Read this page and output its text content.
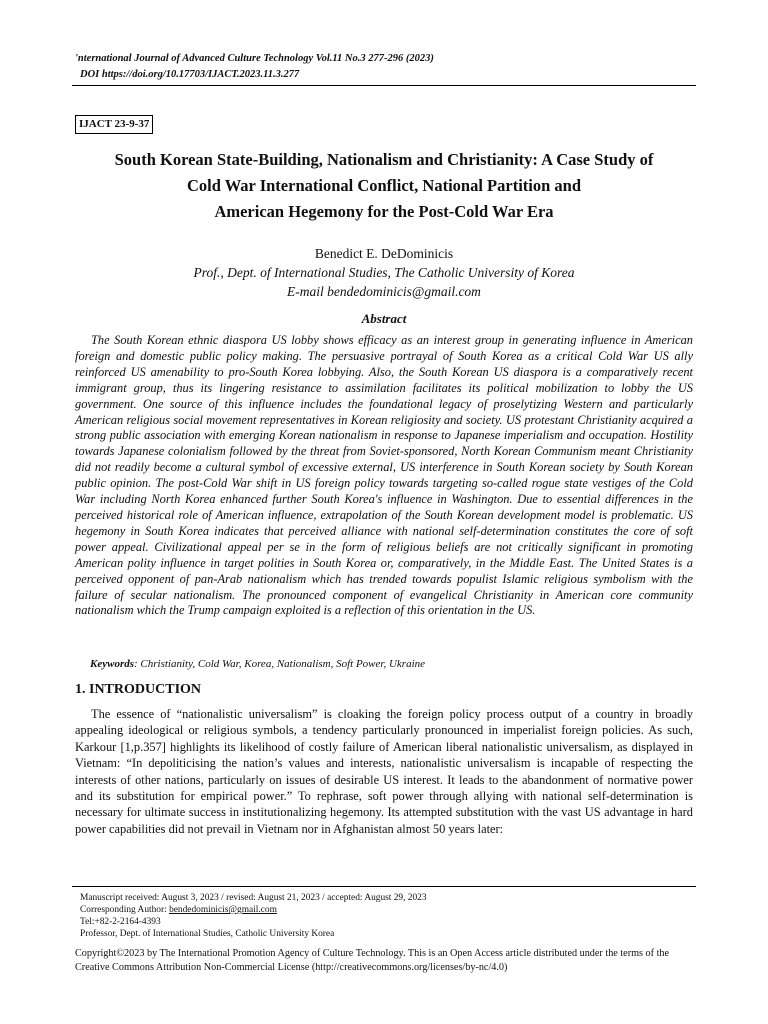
'nternational Journal of Advanced Culture Technology Vol.11 No.3 277-296 (2023)
DOI https://doi.org/10.17703/IJACT.2023.11.3.277
IJACT 23-9-37
South Korean State-Building, Nationalism and Christianity: A Case Study of
Cold War International Conflict, National Partition and
American Hegemony for the Post-Cold War Era
Benedict E. DeDominicis
Prof., Dept. of International Studies, The Catholic University of Korea
E-mail bendedominicis@gmail.com
Abstract
The South Korean ethnic diaspora US lobby shows efficacy as an interest group in generating influence in American foreign and domestic public policy making. The persuasive portrayal of South Korea as a critical Cold War US ally reinforced US amenability to pro-South Korea lobbying. Also, the South Korean US diaspora is a comparatively recent immigrant group, thus its lingering resistance to assimilation facilitates its political mobilization to lobby the US government. One source of this influence includes the foundational legacy of proselytizing Western and particularly American religious social movement representatives in Korean religiosity and society. US protestant Christianity acquired a strong public association with emerging Korean nationalism in response to Japanese imperialism and occupation. Hostility towards Japanese colonialism followed by the threat from Soviet-sponsored, North Korean Communism meant Christianity did not readily become a cultural symbol of excessive external, US interference in South Korean society by South Korean public opinion. The post-Cold War shift in US foreign policy towards targeting so-called rogue state vestiges of the Cold War including North Korea enhanced further South Korea's influence in Washington. Due to essential differences in the perceived historical role of American influence, extrapolation of the South Korean development model is problematic. US hegemony in South Korea indicates that perceived alliance with national self-determination constitutes the core of soft power appeal. Civilizational appeal per se in the form of religious beliefs are not critically significant in promoting American polity influence in target polities in South Korea or, comparatively, in the Middle East. The United States is a perceived opponent of pan-Arab nationalism which has trended towards populist Islamic religious symbolism with the failure of secular nationalism. The pronounced component of evangelical Christianity in American core community nationalism which the Trump campaign exploited is a reflection of this orientation in the US.
Keywords: Christianity, Cold War, Korea, Nationalism, Soft Power, Ukraine
1. INTRODUCTION
The essence of “nationalistic universalism” is cloaking the foreign policy process output of a country in broadly appealing ideological or religious symbols, a tendency particularly pronounced in imperialist foreign policies. As such, Karkour [1,p.357] highlights its likelihood of costly failure of American liberal nationalistic universalism, as displayed in Vietnam: “In depoliticising the nation’s values and interests, nationalistic universalism is incapable of respecting the interests of other nations, particularly on issues of desirable US interest. It leads to the abandonment of normative power and its substitution for empirical power.” To rephrase, soft power through allying with national self-determination is necessary for ultimate success in institutionalizing hegemony. Its attempted substitution with the vast US advantage in hard power capabilities did not prevail in Vietnam nor in Afghanistan almost 50 years later:
Manuscript received: August 3, 2023 / revised: August 21, 2023 / accepted: August 29, 2023
Corresponding Author: bendedominicis@gmail.com
Tel:+82-2-2164-4393
Professor, Dept. of International Studies, Catholic University Korea
Copyright©2023 by The International Promotion Agency of Culture Technology. This is an Open Access article distributed under the terms of the Creative Commons Attribution Non-Commercial License (http://creativecommons.org/licenses/by-nc/4.0)
